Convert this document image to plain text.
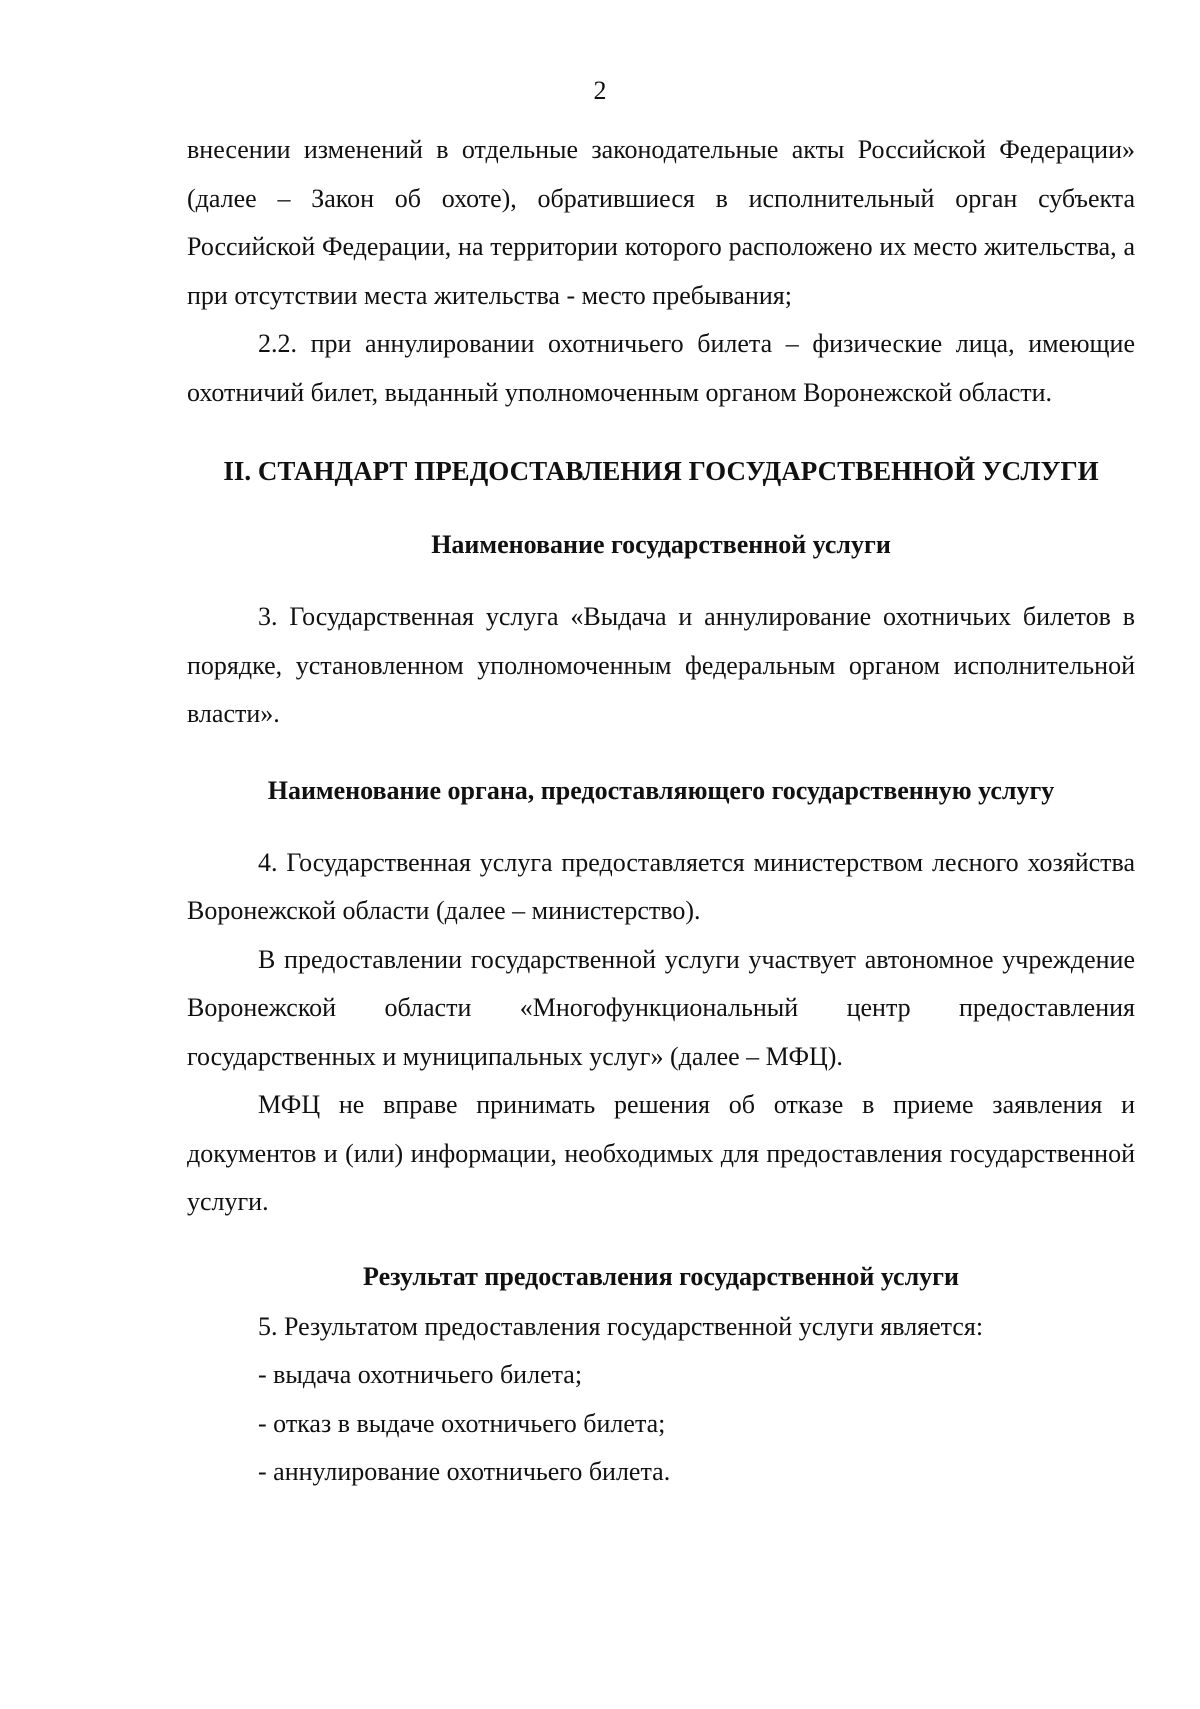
2

внесении изменений в отдельные законодательные акты Российской Федерации» (далее – Закон об охоте), обратившиеся в исполнительный орган субъекта Российской Федерации, на территории которого расположено их место жительства, а при отсутствии места жительства - место пребывания;

2.2. при аннулировании охотничьего билета – физические лица, имеющие охотничий билет, выданный уполномоченным органом Воронежской области.

II. СТАНДАРТ ПРЕДОСТАВЛЕНИЯ ГОСУДАРСТВЕННОЙ УСЛУГИ
Наименование государственной услуги

3. Государственная услуга «Выдача и аннулирование охотничьих билетов в порядке, установленном уполномоченным федеральным органом исполнительной власти».

Наименование органа, предоставляющего государственную услугу

4. Государственная услуга предоставляется министерством лесного хозяйства Воронежской области (далее – министерство).

В предоставлении государственной услуги участвует автономное учреждение Воронежской области «Многофункциональный центр предоставления государственных и муниципальных услуг» (далее – МФЦ).

МФЦ не вправе принимать решения об отказе в приеме заявления и документов и (или) информации, необходимых для предоставления государственной услуги.

Результат предоставления государственной услуги

5. Результатом предоставления государственной услуги является:

- выдача охотничьего билета;

- отказ в выдаче охотничьего билета;

- аннулирование охотничьего билета.
